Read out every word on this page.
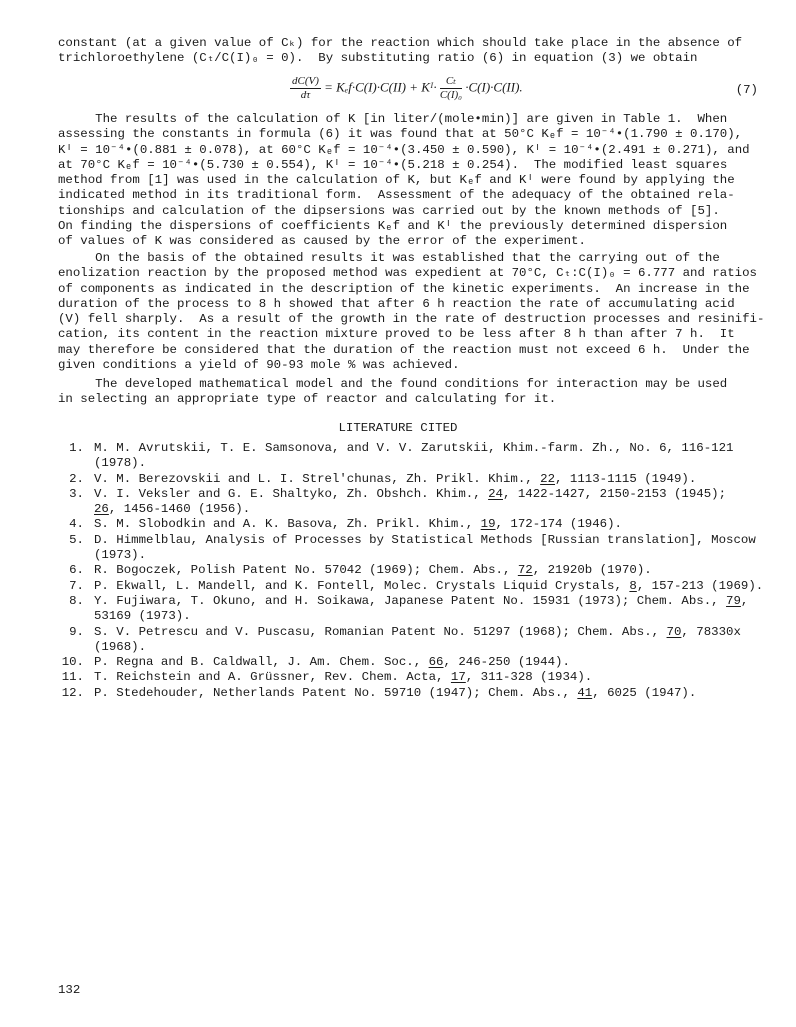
constant (at a given value of Cₖ) for the reaction which should take place in the absence of
trichloroethylene (Cₜ/C(I)₀ = 0).  By substituting ratio (6) in equation (3) we obtain
$\frac{dC(V)}{d\tau} = K_ef\cdot C(I)\cdot C(II)$ + Kᴵ· $\frac{\text{Cₜ}}{\text{C(I)₀}} \cdot C(I)\cdot C(II)$.	(7)
The results of the calculation of K [in liter/(mole•min)] are given in Table 1.  When
assessing the constants in formula (6) it was found that at 50°C Kₑf = 10⁻⁴•(1.790 ± 0.170),
Kᴵ = 10⁻⁴•(0.881 ± 0.078), at 60°C Kₑf = 10⁻⁴•(3.450 ± 0.590), Kᴵ = 10⁻⁴•(2.491 ± 0.271), and
at 70°C Kₑf = 10⁻⁴•(5.730 ± 0.554), Kᴵ = 10⁻⁴•(5.218 ± 0.254).  The modified least squares
method from [1] was used in the calculation of K, but Kₑf and Kᴵ were found by applying the
indicated method in its traditional form.  Assessment of the adequacy of the obtained rela-
tionships and calculation of the dipsersions was carried out by the known methods of [5].
On finding the dispersions of coefficients Kₑf and Kᴵ the previously determined dispersion
of values of K was considered as caused by the error of the experiment.
On the basis of the obtained results it was established that the carrying out of the
enolization reaction by the proposed method was expedient at 70°C, Cₜ:C(I)₀ = 6.777 and ratios
of components as indicated in the description of the kinetic experiments.  An increase in the
duration of the process to 8 h showed that after 6 h reaction the rate of accumulating acid
(V) fell sharply.  As a result of the growth in the rate of destruction processes and resinifi-
cation, its content in the reaction mixture proved to be less after 8 h than after 7 h.  It
may therefore be considered that the duration of the reaction must not exceed 6 h.  Under the
given conditions a yield of 90-93 mole % was achieved.
The developed mathematical model and the found conditions for interaction may be used
in selecting an appropriate type of reactor and calculating for it.
LITERATURE CITED
1. M. M. Avrutskii, T. E. Samsonova, and V. V. Zarutskii, Khim.-farm. Zh., No. 6, 116-121
(1978).
2. V. M. Berezovskii and L. I. Strel'chunas, Zh. Prikl. Khim., 22, 1113-1115 (1949).
3. V. I. Veksler and G. E. Shaltyko, Zh. Obshch. Khim., 24, 1422-1427, 2150-2153 (1945);
26, 1456-1460 (1956).
4. S. M. Slobodkin and A. K. Basova, Zh. Prikl. Khim., 19, 172-174 (1946).
5. D. Himmelblau, Analysis of Processes by Statistical Methods [Russian translation], Moscow
(1973).
6. R. Bogoczek, Polish Patent No. 57042 (1969); Chem. Abs., 72, 21920b (1970).
7. P. Ekwall, L. Mandell, and K. Fontell, Molec. Crystals Liquid Crystals, 8, 157-213 (1969).
8. Y. Fujiwara, T. Okuno, and H. Soikawa, Japanese Patent No. 15931 (1973); Chem. Abs., 79,
53169 (1973).
9. S. V. Petrescu and V. Puscasu, Romanian Patent No. 51297 (1968); Chem. Abs., 70, 78330x
(1968).
10. P. Regna and B. Caldwall, J. Am. Chem. Soc., 66, 246-250 (1944).
11. T. Reichstein and A. Grüssner, Rev. Chem. Acta, 17, 311-328 (1934).
12. P. Stedehouder, Netherlands Patent No. 59710 (1947); Chem. Abs., 41, 6025 (1947).
132
